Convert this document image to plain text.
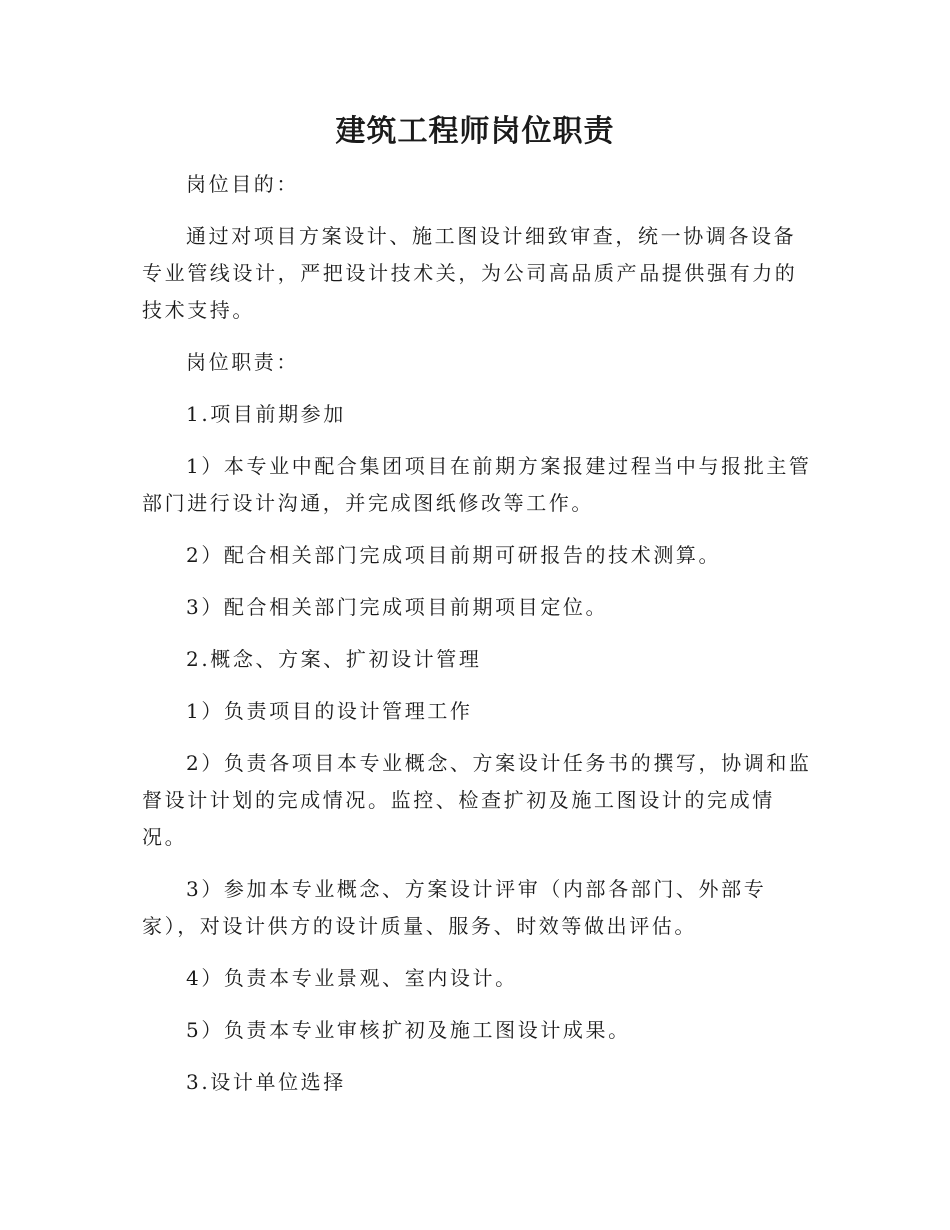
建筑工程师岗位职责

岗位目的：

通过对项目方案设计、施工图设计细致审查，统一协调各设备专业管线设计，严把设计技术关，为公司高品质产品提供强有力的技术支持。

岗位职责：

1.项目前期参加

1）本专业中配合集团项目在前期方案报建过程当中与报批主管部门进行设计沟通，并完成图纸修改等工作。

2）配合相关部门完成项目前期可研报告的技术测算。

3）配合相关部门完成项目前期项目定位。

2.概念、方案、扩初设计管理

1）负责项目的设计管理工作

2）负责各项目本专业概念、方案设计任务书的撰写，协调和监督设计计划的完成情况。监控、检查扩初及施工图设计的完成情况。

3）参加本专业概念、方案设计评审（内部各部门、外部专家），对设计供方的设计质量、服务、时效等做出评估。

4）负责本专业景观、室内设计。

5）负责本专业审核扩初及施工图设计成果。

3.设计单位选择
